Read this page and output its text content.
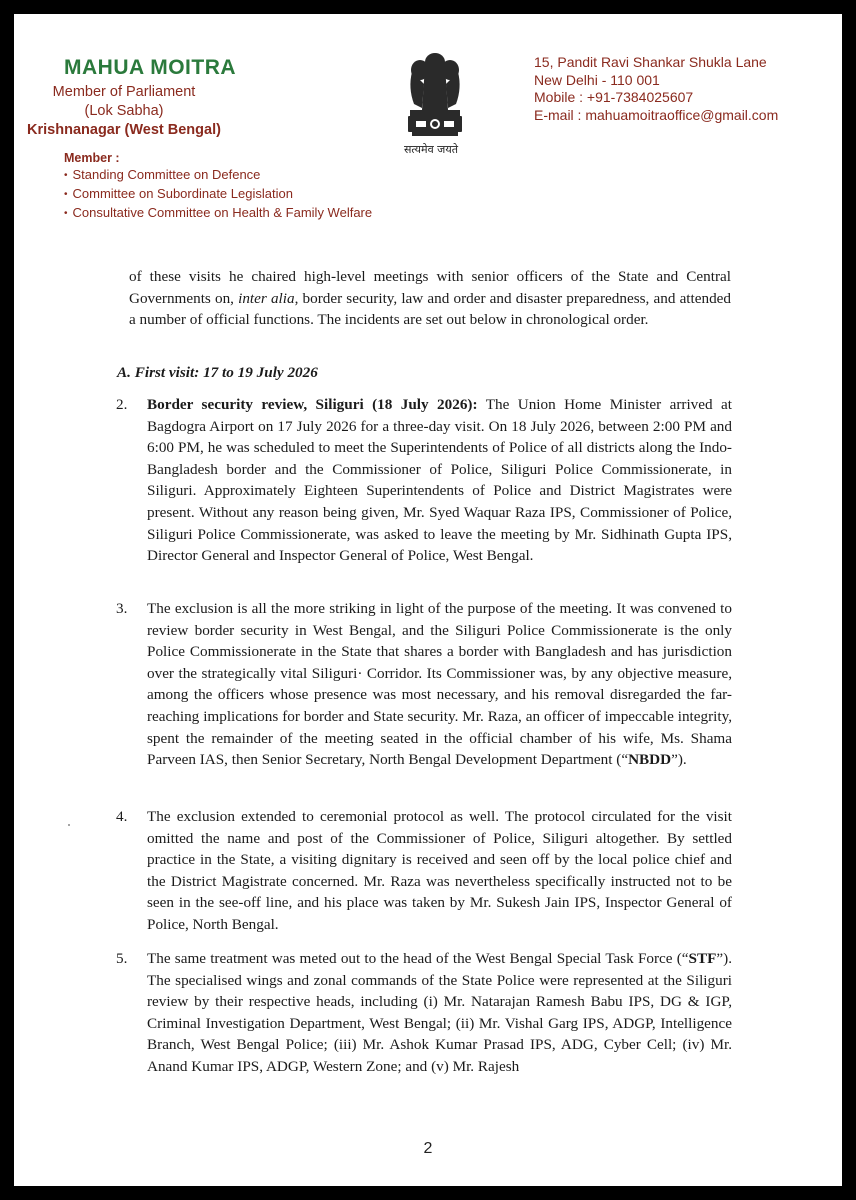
MAHUA MOITRA
Member of Parliament
(Lok Sabha)
Krishnanagar (West Bengal)
Member :
• Standing Committee on Defence
• Committee on Subordinate Legislation
• Consultative Committee on Health & Family Welfare
सत्यमेव जयते
15, Pandit Ravi Shankar Shukla Lane
New Delhi - 110 001
Mobile : +91-7384025607
E-mail : mahuamoitraoffice@gmail.com
of these visits he chaired high-level meetings with senior officers of the State and Central Governments on, inter alia, border security, law and order and disaster preparedness, and attended a number of official functions. The incidents are set out below in chronological order.
A. First visit: 17 to 19 July 2026
2.	Border security review, Siliguri (18 July 2026): The Union Home Minister arrived at Bagdogra Airport on 17 July 2026 for a three-day visit. On 18 July 2026, between 2:00 PM and 6:00 PM, he was scheduled to meet the Superintendents of Police of all districts along the Indo-Bangladesh border and the Commissioner of Police, Siliguri Police Commissionerate, in Siliguri. Approximately Eighteen Superintendents of Police and District Magistrates were present. Without any reason being given, Mr. Syed Waquar Raza IPS, Commissioner of Police, Siliguri Police Commissionerate, was asked to leave the meeting by Mr. Sidhinath Gupta IPS, Director General and Inspector General of Police, West Bengal.
3.	The exclusion is all the more striking in light of the purpose of the meeting. It was convened to review border security in West Bengal, and the Siliguri Police Commissionerate is the only Police Commissionerate in the State that shares a border with Bangladesh and has jurisdiction over the strategically vital Siliguri· Corridor. Its Commissioner was, by any objective measure, among the officers whose presence was most necessary, and his removal disregarded the far-reaching implications for border and State security. Mr. Raza, an officer of impeccable integrity, spent the remainder of the meeting seated in the official chamber of his wife, Ms. Shama Parveen IAS, then Senior Secretary, North Bengal Development Department (“NBDD”).
4.	The exclusion extended to ceremonial protocol as well. The protocol circulated for the visit omitted the name and post of the Commissioner of Police, Siliguri altogether. By settled practice in the State, a visiting dignitary is received and seen off by the local police chief and the District Magistrate concerned. Mr. Raza was nevertheless specifically instructed not to be seen in the see-off line, and his place was taken by Mr. Sukesh Jain IPS, Inspector General of Police, North Bengal.
5.	The same treatment was meted out to the head of the West Bengal Special Task Force (“STF”). The specialised wings and zonal commands of the State Police were represented at the Siliguri review by their respective heads, including (i) Mr. Natarajan Ramesh Babu IPS, DG & IGP, Criminal Investigation Department, West Bengal; (ii) Mr. Vishal Garg IPS, ADGP, Intelligence Branch, West Bengal Police; (iii) Mr. Ashok Kumar Prasad IPS, ADG, Cyber Cell; (iv) Mr. Anand Kumar IPS, ADGP, Western Zone; and (v) Mr. Rajesh
2
